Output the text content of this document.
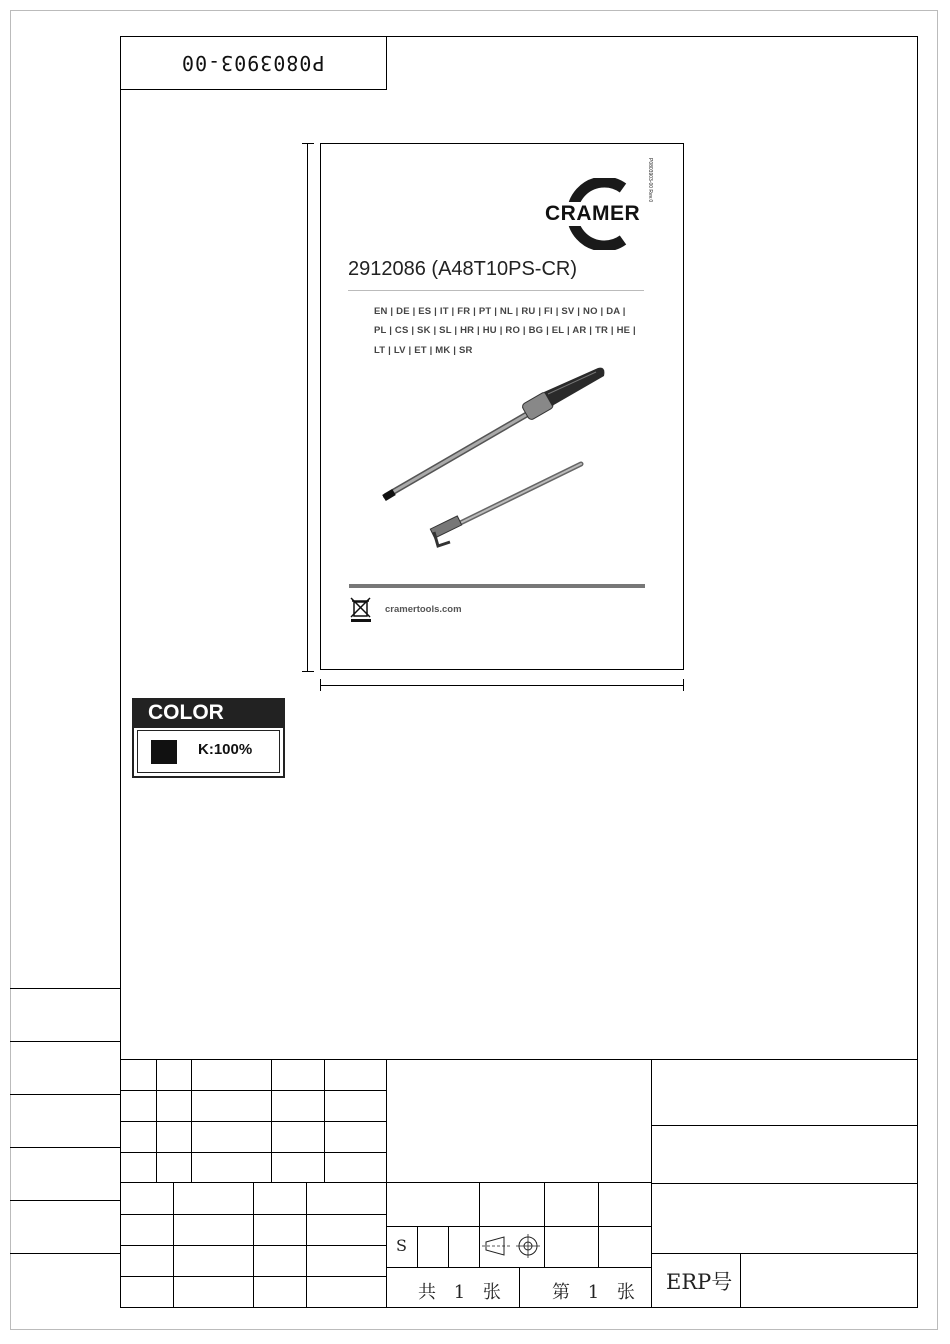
P0803903-00
P0803903-00 Rev.0
CRAMER
2912086 (A48T10PS-CR)
EN | DE | ES | IT | FR | PT | NL | RU | FI | SV | NO | DA |
PL | CS | SK | SL | HR | HU | RO | BG | EL | AR | TR | HE |
LT | LV | ET | MK | SR
cramertools.com
COLOR
K:100%
S
共 1 张	第 1 张 ERP号
